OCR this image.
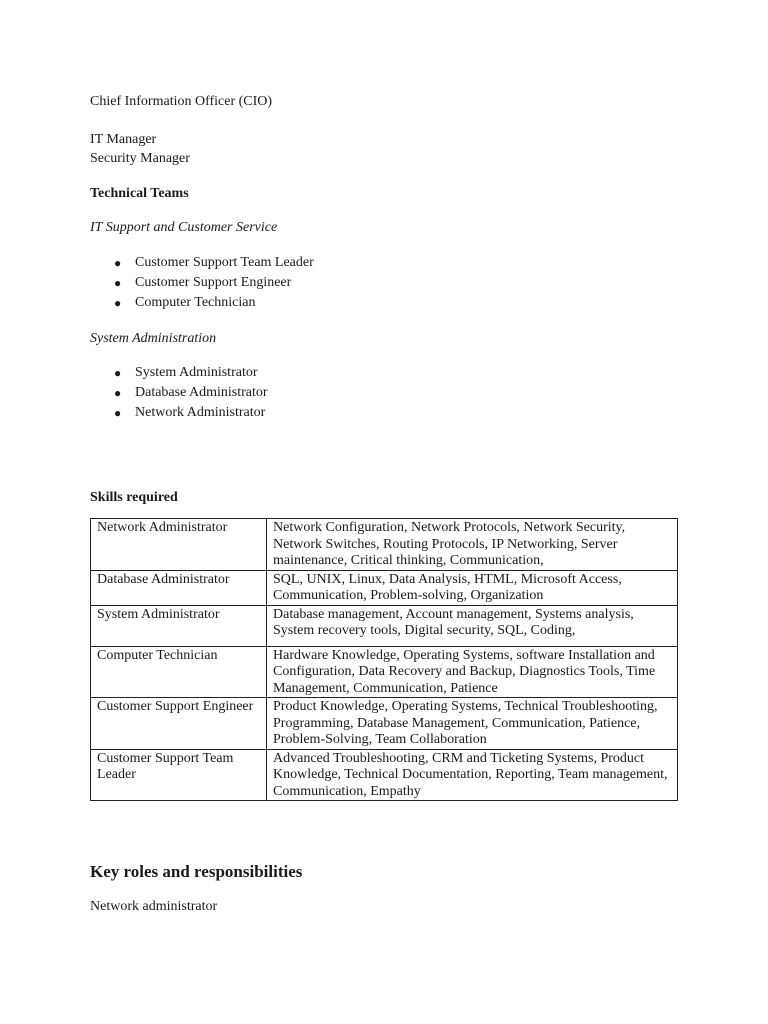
Chief Information Officer (CIO)

IT Manager

Security Manager

Technical Teams

IT Support and Customer Service

● Customer Support Team Leader
● Customer Support Engineer
● Computer Technician

System Administration

● System Administrator
● Database Administrator
● Network Administrator

Skills required

Network Administrator	Network Configuration, Network Protocols, Network Security, Network Switches, Routing Protocols, IP Networking, Server maintenance, Critical thinking, Communication,
Database Administrator	SQL, UNIX, Linux, Data Analysis, HTML, Microsoft Access, Communication, Problem-solving, Organization
System Administrator	Database management, Account management, Systems analysis, System recovery tools, Digital security, SQL, Coding,
Computer Technician	Hardware Knowledge, Operating Systems, software Installation and Configuration, Data Recovery and Backup, Diagnostics Tools, Time Management, Communication, Patience
Customer Support Engineer	Product Knowledge, Operating Systems, Technical Troubleshooting, Programming, Database Management, Communication, Patience, Problem-Solving, Team Collaboration
Customer Support Team Leader	Advanced Troubleshooting, CRM and Ticketing Systems, Product Knowledge, Technical Documentation, Reporting, Team management, Communication, Empathy
Key roles and responsibilities

Network administrator
